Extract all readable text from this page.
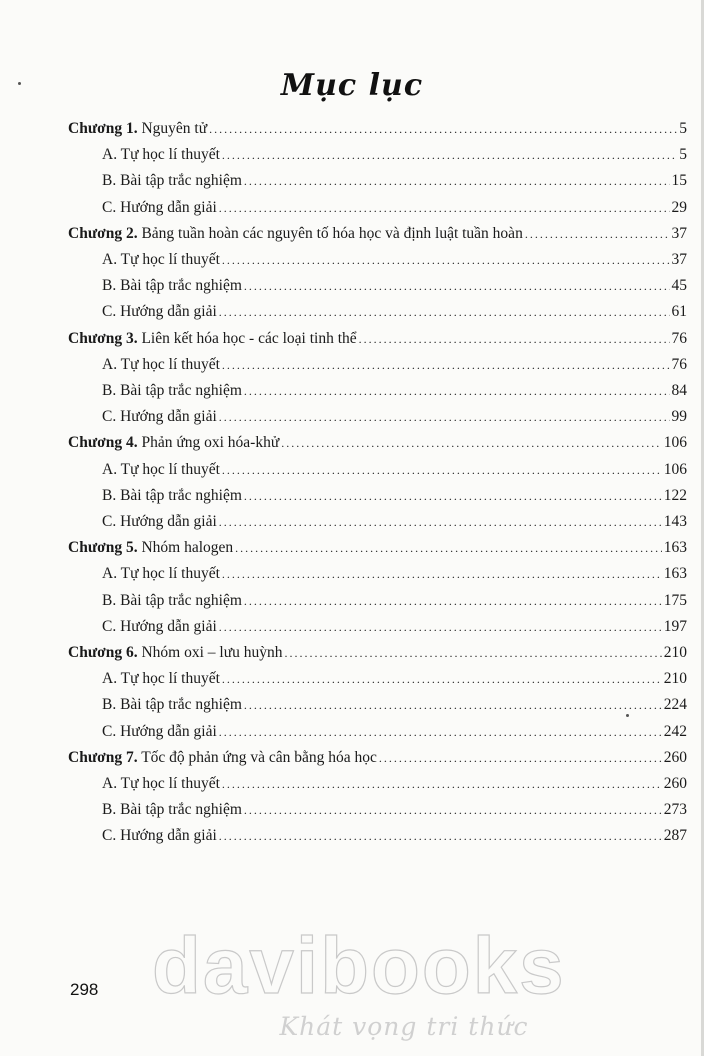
Mục lục
Chương 1. Nguyên tử .....	5
A. Tự học lí thuyết .....	5
B. Bài tập trắc nghiệm .....	15
C. Hướng dẫn giải .....	29
Chương 2. Bảng tuần hoàn các nguyên tố hóa học và định luật tuần hoàn .....	37
A. Tự học lí thuyết .....	37
B. Bài tập trắc nghiệm .....	45
C. Hướng dẫn giải .....	61
Chương 3. Liên kết hóa học - các loại tinh thể .....	76
A. Tự học lí thuyết .....	76
B. Bài tập trắc nghiệm .....	84
C. Hướng dẫn giải .....	99
Chương 4. Phản ứng oxi hóa-khử .....	106
A. Tự học lí thuyết .....	106
B. Bài tập trắc nghiệm .....	122
C. Hướng dẫn giải .....	143
Chương 5. Nhóm halogen .....	163
A. Tự học lí thuyết .....	163
B. Bài tập trắc nghiệm .....	175
C. Hướng dẫn giải .....	197
Chương 6. Nhóm oxi – lưu huỳnh .....	210
A. Tự học lí thuyết .....	210
B. Bài tập trắc nghiệm .....	224
C. Hướng dẫn giải .....	242
Chương 7. Tốc độ phản ứng và cân bằng hóa học .....	260
A. Tự học lí thuyết .....	260
B. Bài tập trắc nghiệm .....	273
C. Hướng dẫn giải .....	287
298 davibooks
Khát vọng tri thức
